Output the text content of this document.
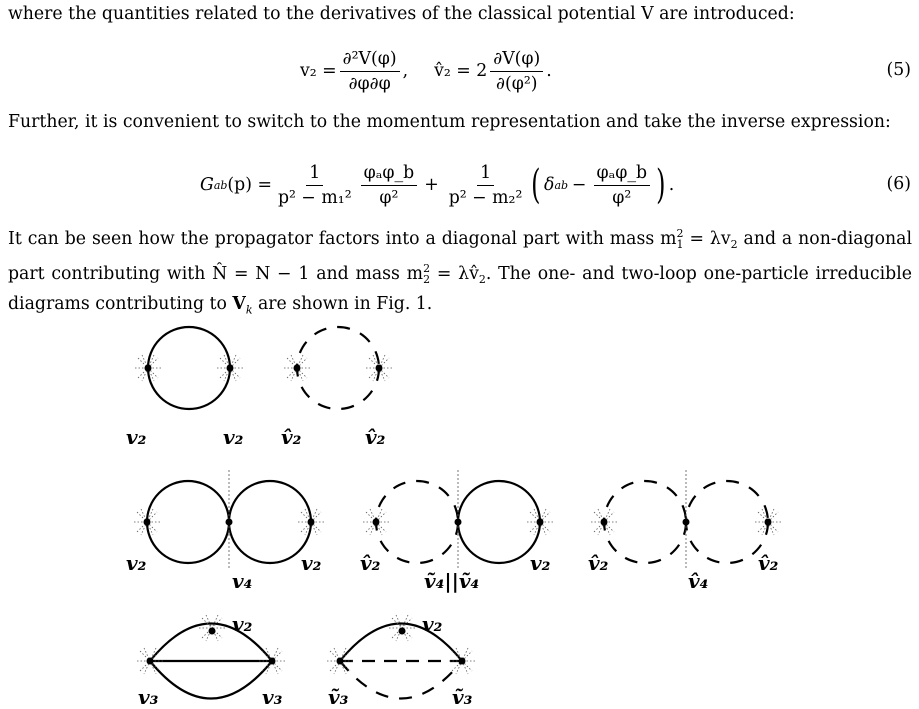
where the quantities related to the derivatives of the classical potential V are introduced:
$v_2 = \frac{\text{∂²V(φ)}}{\partial\varphi\partial\varphi}$ , v̂₂ = $2 \frac{\partial V(\varphi)}{\text{∂(φ²)}}$ .	(5)
Further, it is convenient to switch to the momentum representation and take the inverse expression:
G ab $(p) = \frac{1}{\text{p² − m₁²}} \frac{\text{φₐφ\_b}}{\text{φ²}} + \frac{1}{\text{p² − m₂²}}$ ( δ ab − $\frac{\text{φₐφ\_b}}{\text{φ²}}$ ) .	(6)
It can be seen how the propagator factors into a diagonal part with mass $m^2_1 = \lambda v_2$ and a non-diagonal part contributing with N̂ = N − 1 and mass $m^2_2$ = $\lambda v̂_2$. The one- and two-loop one-particle irreducible diagrams contributing to $V_k$ are shown in Fig. 1.
v₂	v₂ v̂₂	v̂₂
v₂
v₄
v₂ v̂₂
ṽ₄||ṽ₄
v₂ v̂₂
v̂₄
v̂₂
v₂
v₃	v₃
v₂
ṽ₃	ṽ₃
